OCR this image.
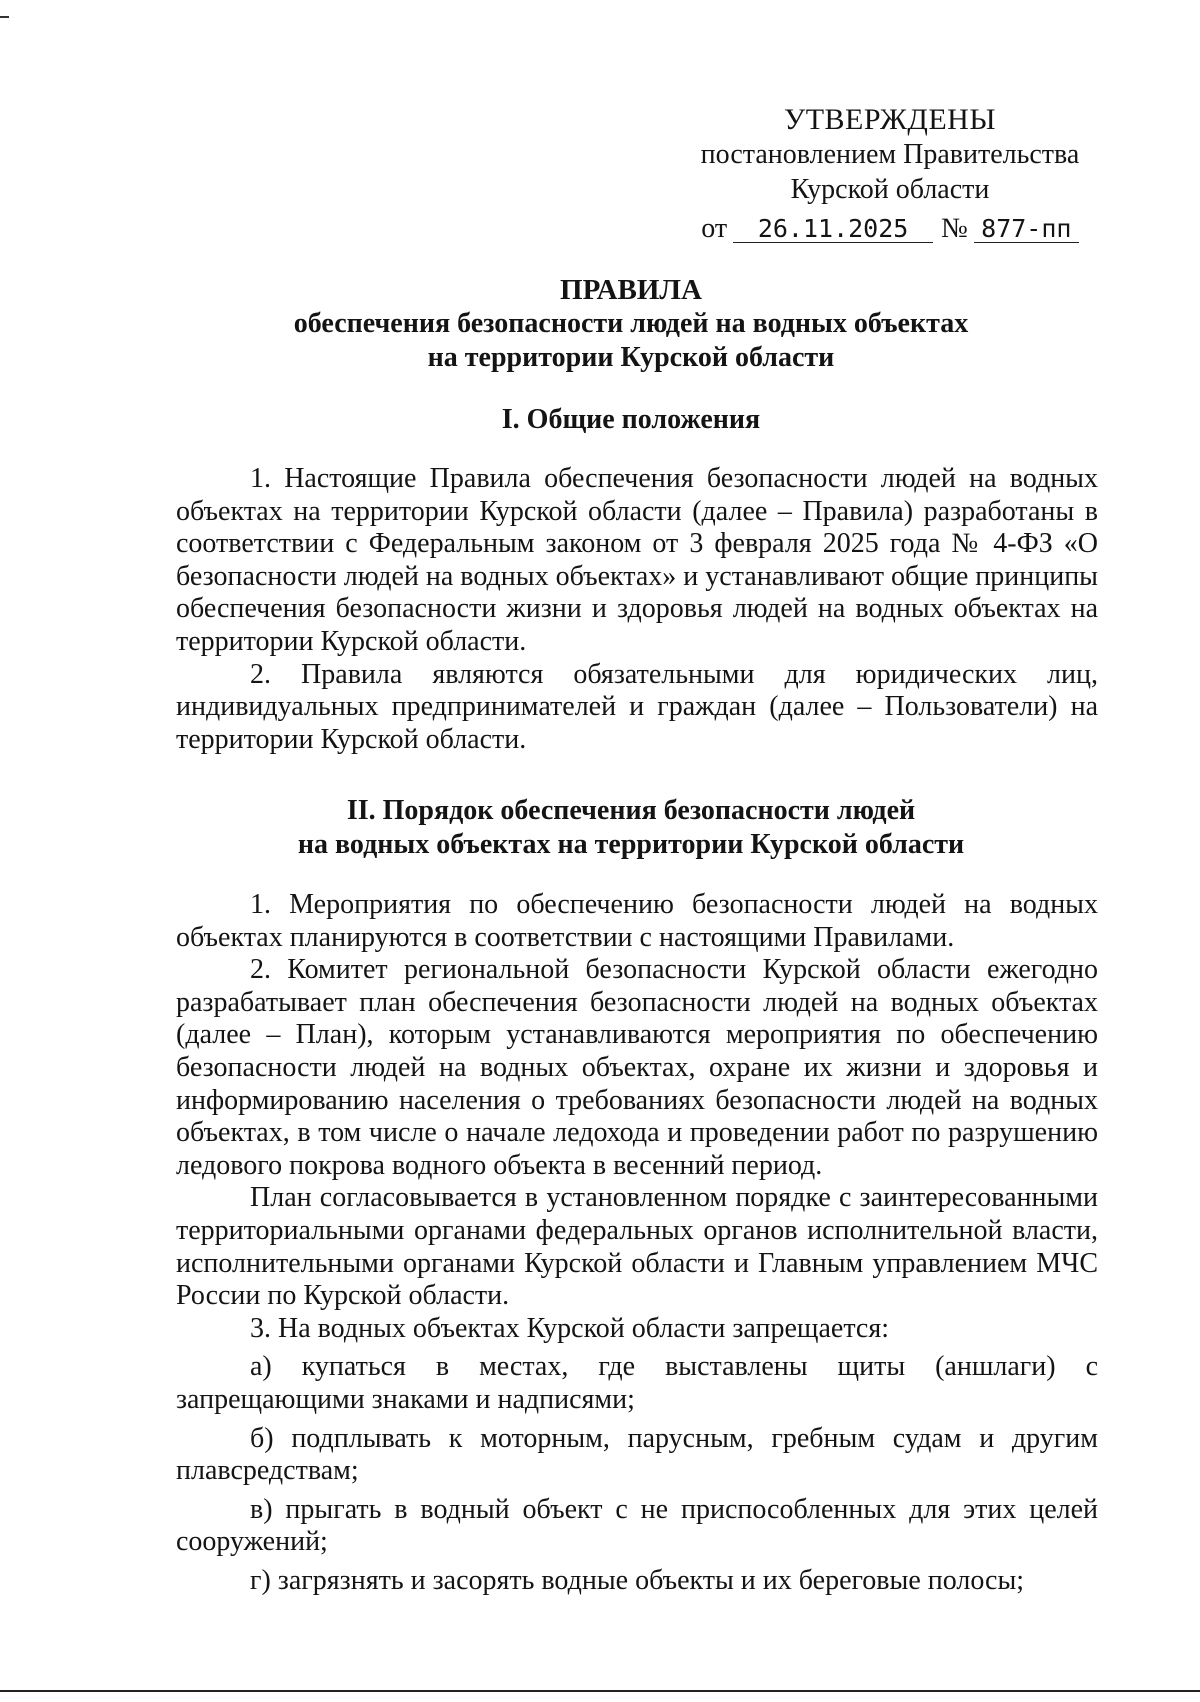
УТВЕРЖДЕНЫ
постановлением Правительства
Курской области
от	26.11.2025	№ 877-пп
ПРАВИЛА
обеспечения безопасности людей на водных объектах
на территории Курской области
I. Общие положения

1. Настоящие Правила обеспечения безопасности людей на водных объектах на территории Курской области (далее – Правила) разработаны в соответствии с Федеральным законом от 3 февраля 2025 года № 4-ФЗ «О безопасности людей на водных объектах» и устанавливают общие принципы обеспечения безопасности жизни и здоровья людей на водных объектах на территории Курской области.

2. Правила являются обязательными для юридических лиц, индивидуальных предпринимателей и граждан (далее – Пользователи) на территории Курской области.

II. Порядок обеспечения безопасности людей
на водных объектах на территории Курской области

1. Мероприятия по обеспечению безопасности людей на водных объектах планируются в соответствии с настоящими Правилами.

2. Комитет региональной безопасности Курской области ежегодно разрабатывает план обеспечения безопасности людей на водных объектах (далее – План), которым устанавливаются мероприятия по обеспечению безопасности людей на водных объектах, охране их жизни и здоровья и информированию населения о требованиях безопасности людей на водных объектах, в том числе о начале ледохода и проведении работ по разрушению ледового покрова водного объекта в весенний период.

План согласовывается в установленном порядке с заинтересованными территориальными органами федеральных органов исполнительной власти, исполнительными органами Курской области и Главным управлением МЧС России по Курской области.

3. На водных объектах Курской области запрещается:

а) купаться в местах, где выставлены щиты (аншлаги) с запрещающими знаками и надписями;

б) подплывать к моторным, парусным, гребным судам и другим плавсредствам;

в) прыгать в водный объект с не приспособленных для этих целей сооружений;

г) загрязнять и засорять водные объекты и их береговые полосы;
